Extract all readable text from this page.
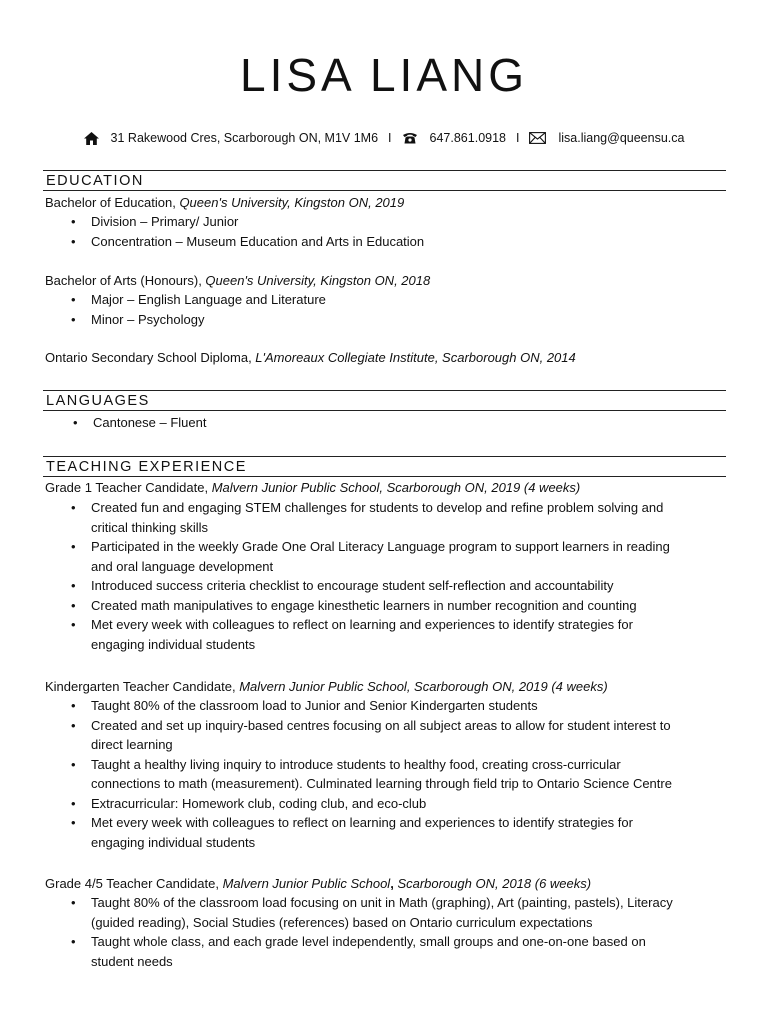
LISA LIANG
31 Rakewood Cres, Scarborough ON, M1V 1M6 I	647.861.0918 I	lisa.liang@queensu.ca
EDUCATION
Bachelor of Education, Queen's University, Kingston ON, 2019
• Division – Primary/ Junior
• Concentration – Museum Education and Arts in Education
Bachelor of Arts (Honours), Queen's University, Kingston ON, 2018
• Major – English Language and Literature
• Minor – Psychology
Ontario Secondary School Diploma, L'Amoreaux Collegiate Institute, Scarborough ON, 2014
LANGUAGES
• Cantonese – Fluent
TEACHING EXPERIENCE
Grade 1 Teacher Candidate, Malvern Junior Public School, Scarborough ON, 2019 (4 weeks)
• Created fun and engaging STEM challenges for students to develop and refine problem solving and
critical thinking skills
• Participated in the weekly Grade One Oral Literacy Language program to support learners in reading
and oral language development
• Introduced success criteria checklist to encourage student self-reflection and accountability
• Created math manipulatives to engage kinesthetic learners in number recognition and counting
• Met every week with colleagues to reflect on learning and experiences to identify strategies for
engaging individual students
Kindergarten Teacher Candidate, Malvern Junior Public School, Scarborough ON, 2019 (4 weeks)
• Taught 80% of the classroom load to Junior and Senior Kindergarten students
• Created and set up inquiry-based centres focusing on all subject areas to allow for student interest to
direct learning
• Taught a healthy living inquiry to introduce students to healthy food, creating cross-curricular
connections to math (measurement). Culminated learning through field trip to Ontario Science Centre
• Extracurricular: Homework club, coding club, and eco-club
• Met every week with colleagues to reflect on learning and experiences to identify strategies for
engaging individual students
Grade 4/5 Teacher Candidate, Malvern Junior Public School, Scarborough ON, 2018 (6 weeks)
• Taught 80% of the classroom load focusing on unit in Math (graphing), Art (painting, pastels), Literacy
(guided reading), Social Studies (references) based on Ontario curriculum expectations
• Taught whole class, and each grade level independently, small groups and one-on-one based on
student needs
